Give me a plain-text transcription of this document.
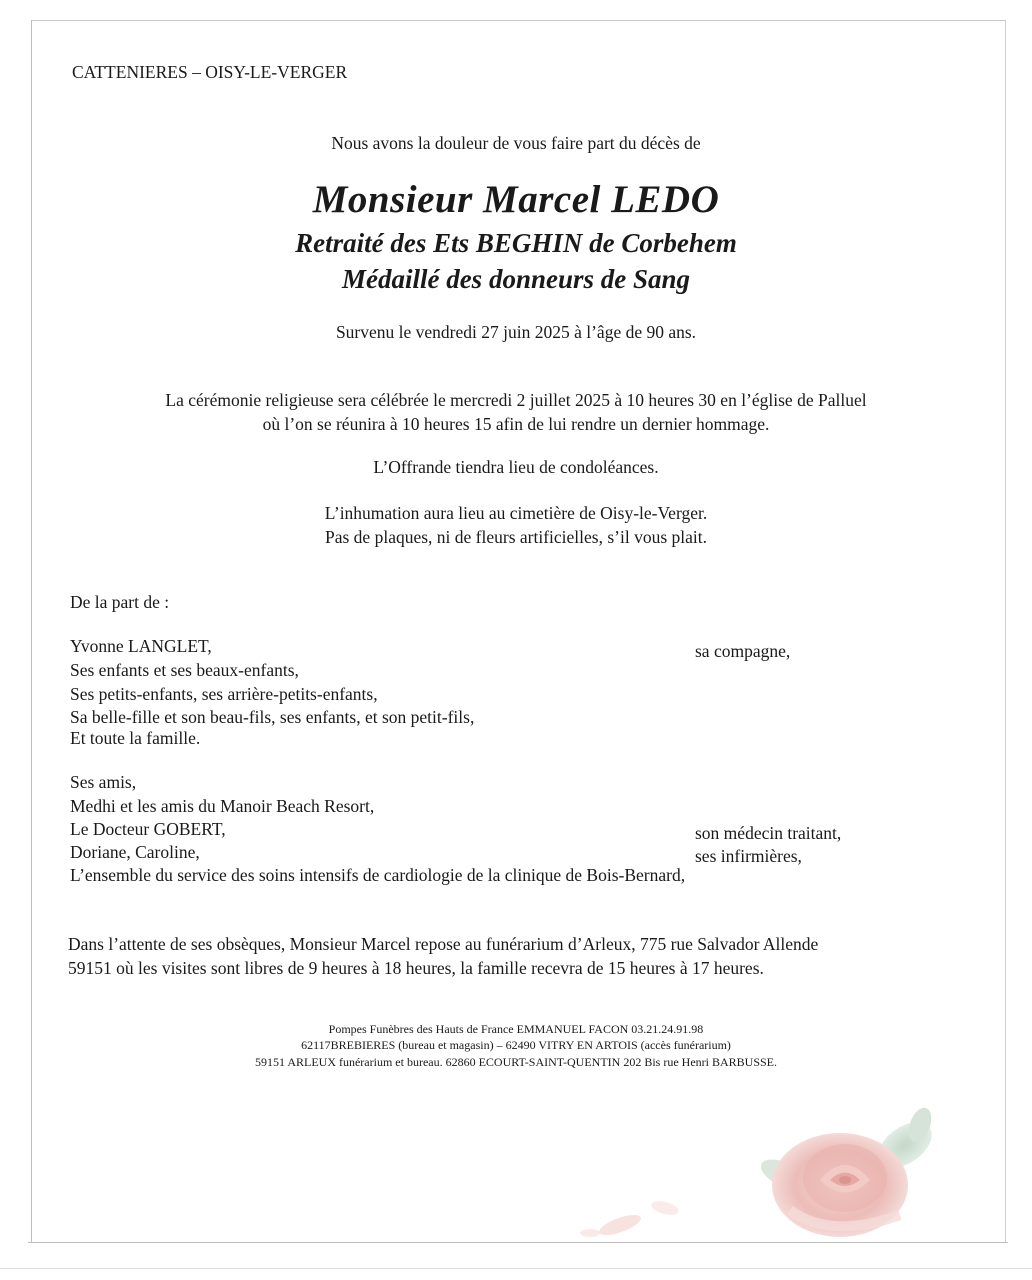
CATTENIERES – OISY-LE-VERGER
Nous avons la douleur de vous faire part du décès de
Monsieur Marcel LEDO
Retraité des Ets BEGHIN de Corbehem
Médaillé des donneurs de Sang
Survenu le vendredi 27 juin 2025 à l’âge de 90 ans.
La cérémonie religieuse sera célébrée le mercredi 2 juillet 2025 à 10 heures 30 en l’église de Palluel
où l’on se réunira à 10 heures 15 afin de lui rendre un dernier hommage.
L’Offrande tiendra lieu de condoléances.
L’inhumation aura lieu au cimetière de Oisy-le-Verger.
Pas de plaques, ni de fleurs artificielles, s’il vous plait.
De la part de :
Yvonne LANGLET,
Ses enfants et ses beaux-enfants,
Ses petits-enfants, ses arrière-petits-enfants,
Sa belle-fille et son beau-fils, ses enfants, et son petit-fils,
Et toute la famille.
sa compagne,
Ses amis,
Medhi et les amis du Manoir Beach Resort,
Le Docteur GOBERT,
Doriane, Caroline,
L’ensemble du service des soins intensifs de cardiologie de la clinique de Bois-Bernard,
son médecin traitant,
ses infirmières,
Dans l’attente de ses obsèques, Monsieur Marcel repose au funérarium d’Arleux, 775 rue Salvador Allende
59151 où les visites sont libres de 9 heures à 18 heures, la famille recevra de 15 heures à 17 heures.
Pompes Funèbres des Hauts de France EMMANUEL FACON 03.21.24.91.98
62117BREBIERES (bureau et magasin) – 62490 VITRY EN ARTOIS (accès funérarium)
59151 ARLEUX funérarium et bureau. 62860 ECOURT-SAINT-QUENTIN 202 Bis rue Henri BARBUSSE.
